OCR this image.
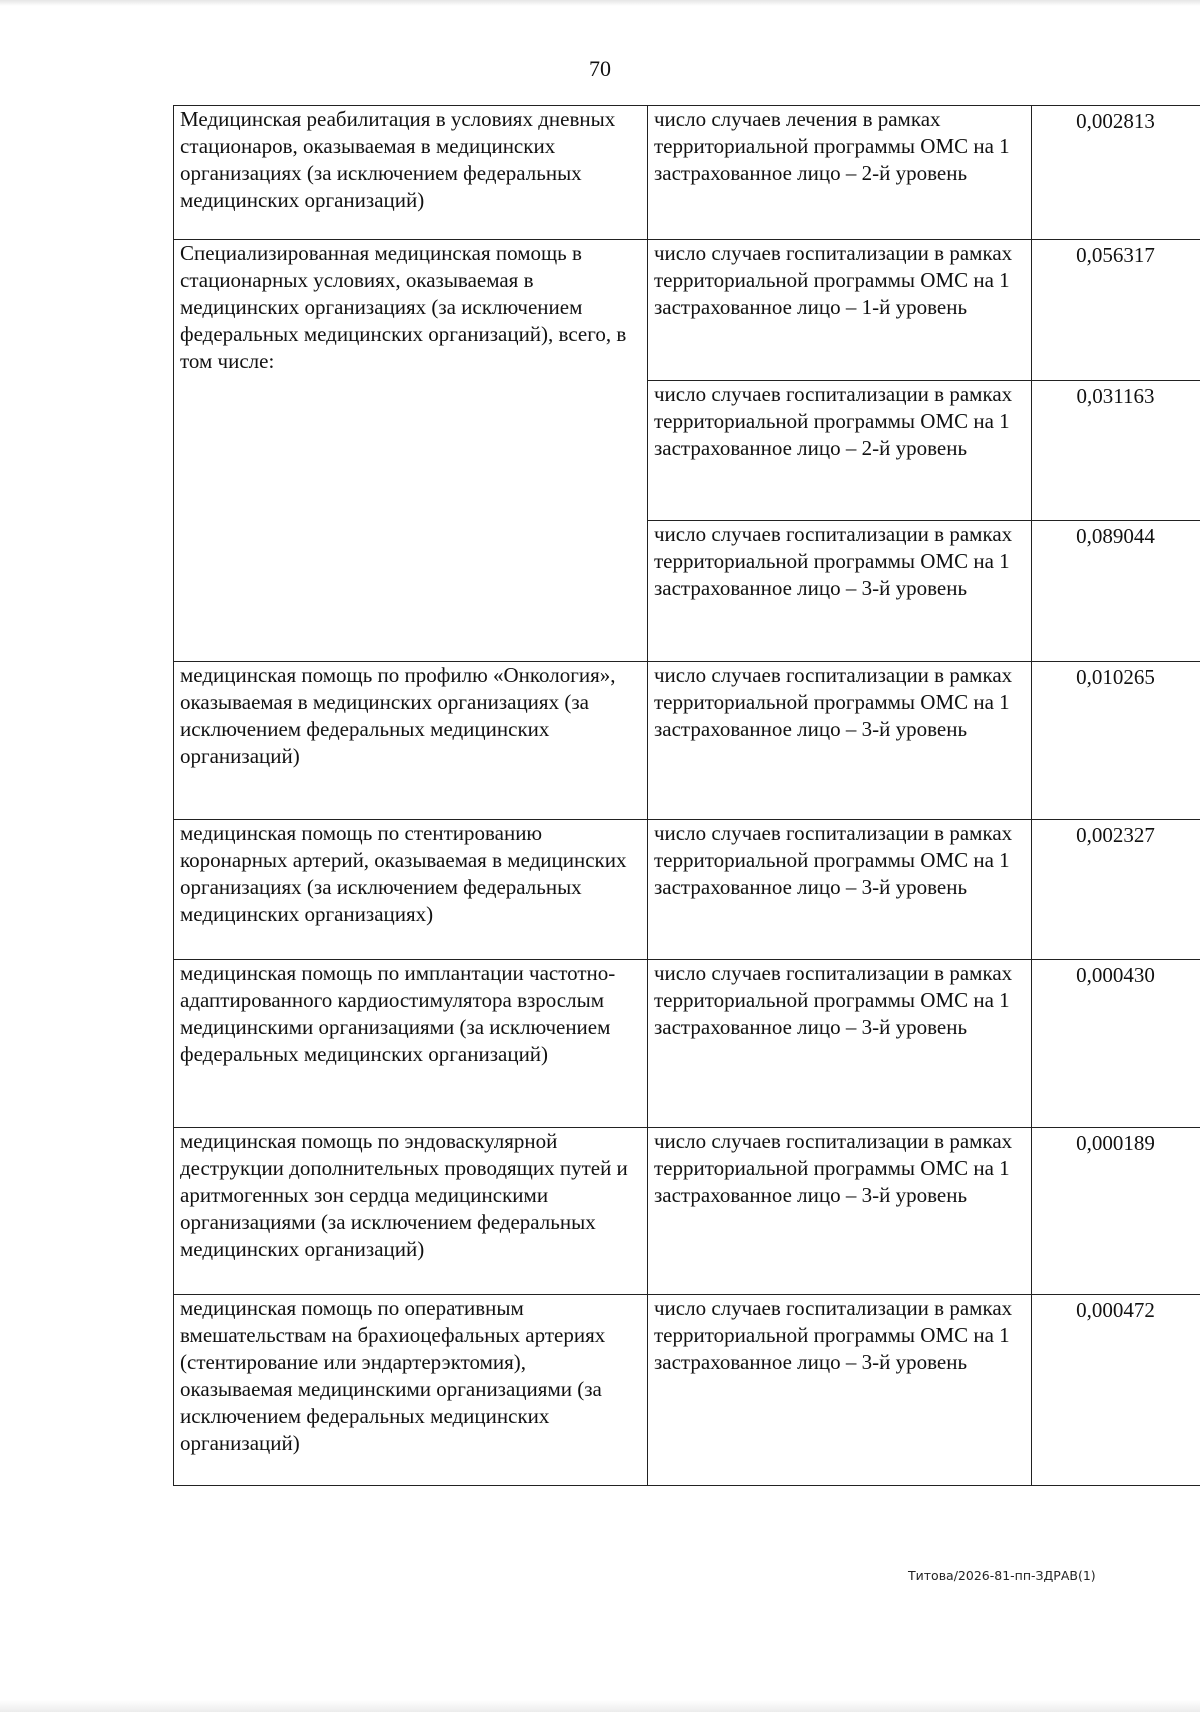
70
Медицинская реабилитация в условиях дневных стационаров, оказываемая в медицинских организациях (за исключением федеральных медицинских организаций)	число случаев лечения в рамках территориальной программы ОМС на 1 застрахованное лицо – 2-й уровень	0,002813

Специализированная медицинская помощь в стационарных условиях, оказываемая в медицинских организациях (за исключением федеральных медицинских организаций), всего, в том числе:	число случаев госпитализации в рамках территориальной программы ОМС на 1 застрахованное лицо – 1-й уровень	0,056317

	число случаев госпитализации в рамках территориальной программы ОМС на 1 застрахованное лицо – 2-й уровень	0,031163

	число случаев госпитализации в рамках территориальной программы ОМС на 1 застрахованное лицо – 3-й уровень	0,089044

медицинская помощь по профилю «Онкология», оказываемая в медицинских организациях (за исключением федеральных медицинских организаций)	число случаев госпитализации в рамках территориальной программы ОМС на 1 застрахованное лицо – 3-й уровень	0,010265

медицинская помощь по стентированию коронарных артерий, оказываемая в медицинских организациях (за исключением федеральных медицинских организациях)	число случаев госпитализации в рамках территориальной программы ОМС на 1 застрахованное лицо – 3-й уровень	0,002327

медицинская помощь по имплантации частотно-адаптированного кардиостимулятора взрослым медицинскими организациями (за исключением федеральных медицинских организаций)	число случаев госпитализации в рамках территориальной программы ОМС на 1 застрахованное лицо – 3-й уровень	0,000430

медицинская помощь по эндоваскулярной деструкции дополнительных проводящих путей и аритмогенных зон сердца медицинскими организациями (за исключением федеральных медицинских организаций)	число случаев госпитализации в рамках территориальной программы ОМС на 1 застрахованное лицо – 3-й уровень	0,000189

медицинская помощь по оперативным вмешательствам на брахиоцефальных артериях (стентирование или эндартерэктомия), оказываемая медицинскими организациями (за исключением федеральных медицинских организаций)	число случаев госпитализации в рамках территориальной программы ОМС на 1 застрахованное лицо – 3-й уровень	0,000472
Титова/2026-81-пп-ЗДРАВ(1)
